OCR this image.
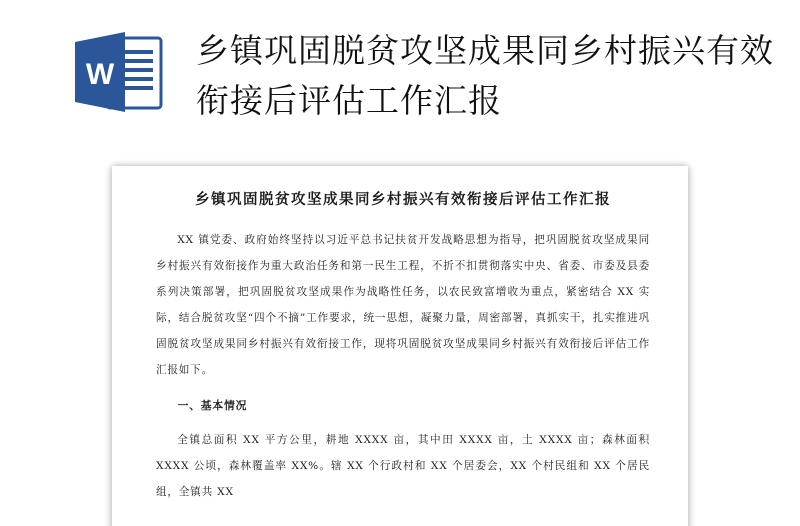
W
乡镇巩固脱贫攻坚成果同乡村振兴有效衔接后评估工作汇报
乡镇巩固脱贫攻坚成果同乡村振兴有效衔接后评估工作汇报

XX 镇党委、政府始终坚持以习近平总书记扶贫开发战略思想为指导，把巩固脱贫攻坚成果同乡村振兴有效衔接作为重大政治任务和第一民生工程，不折不扣贯彻落实中央、省委、市委及县委系列决策部署，把巩固脱贫攻坚成果作为战略性任务，以农民致富增收为重点，紧密结合 XX 实际，结合脱贫攻坚“四个不摘”工作要求，统一思想，凝聚力量，周密部署，真抓实干，扎实推进巩固脱贫攻坚成果同乡村振兴有效衔接工作，现将巩固脱贫攻坚成果同乡村振兴有效衔接后评估工作汇报如下。

一、基本情况

全镇总面积 XX 平方公里，耕地 XXXX 亩，其中田 XXXX 亩，土 XXXX 亩；森林面积 XXXX 公顷，森林覆盖率 XX%。辖 XX 个行政村和 XX 个居委会，XX 个村民组和 XX 个居民组，全镇共 XX
